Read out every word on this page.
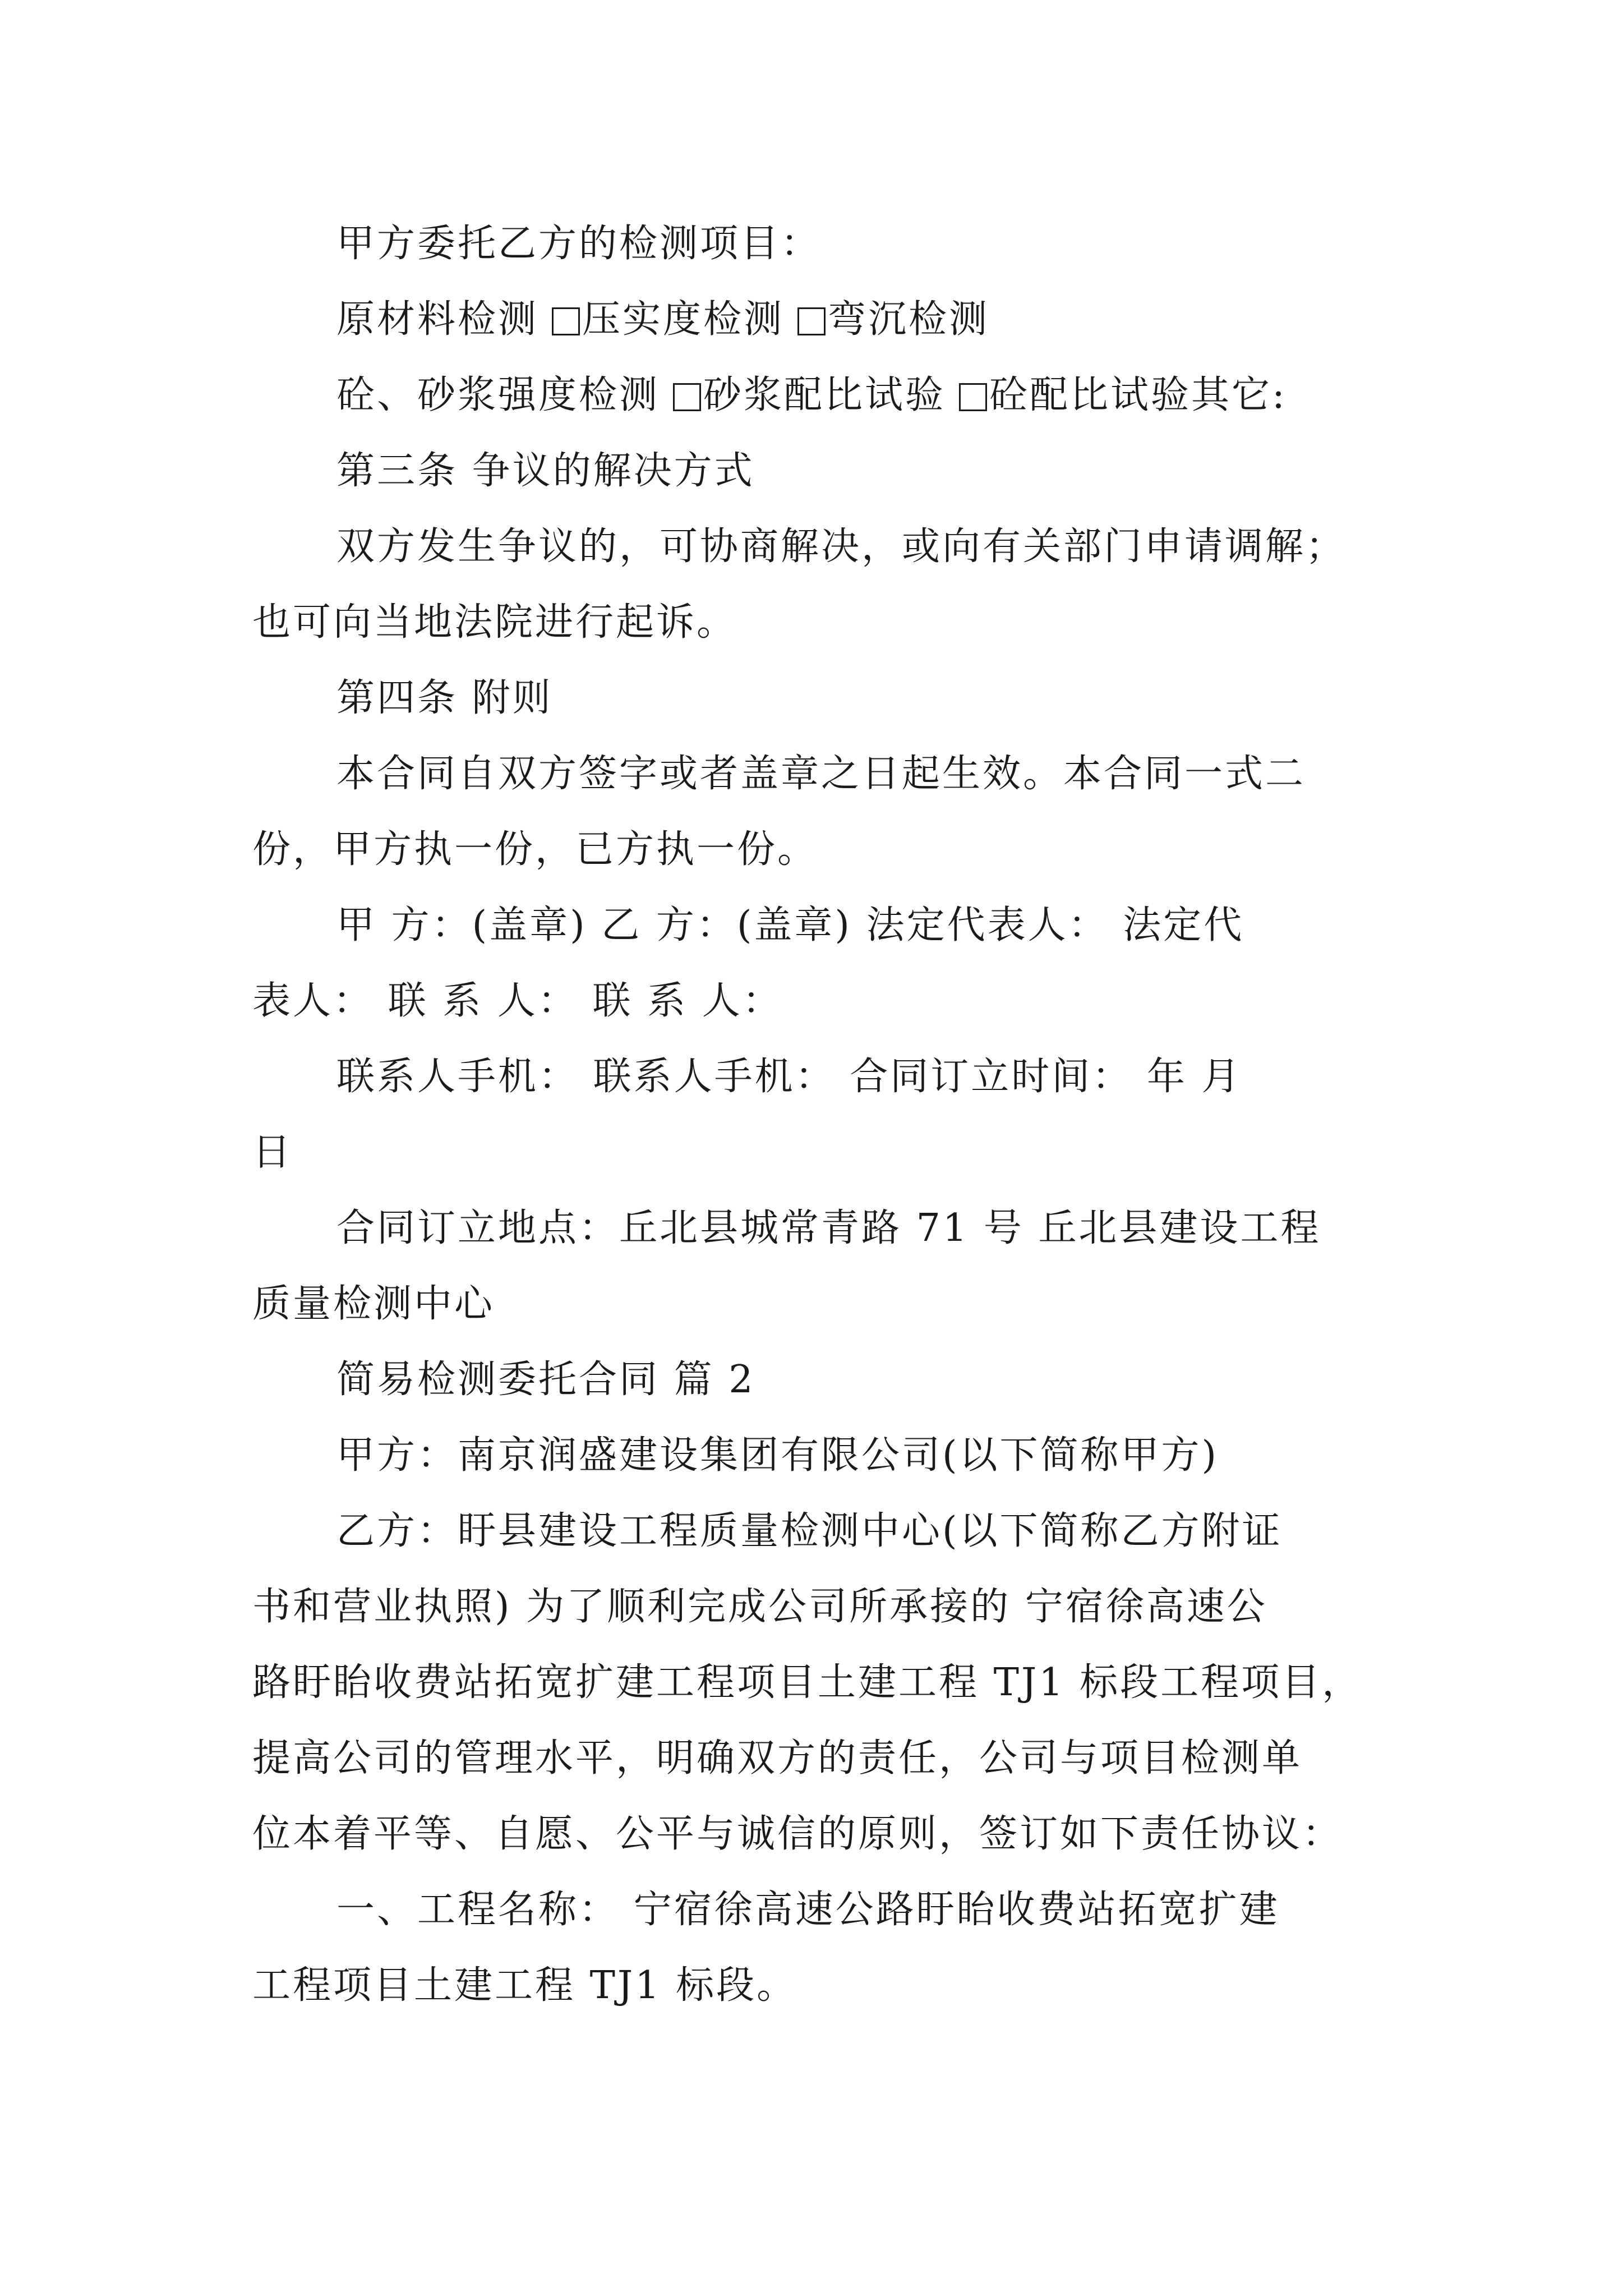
甲方委托乙方的检测项目：
原材料检测 压实度检测 弯沉检测
砼、砂浆强度检测 砂浆配比试验 砼配比试验其它:
第三条 争议的解决方式
双方发生争议的，可协商解决，或向有关部门申请调解；
也可向当地法院进行起诉。
第四条 附则
本合同自双方签字或者盖章之日起生效。本合同一式二
份，甲方执一份，已方执一份。
甲 方：(盖章) 乙 方：(盖章) 法定代表人： 法定代
表人： 联 系 人： 联 系 人：
联系人手机： 联系人手机： 合同订立时间： 年 月
日
合同订立地点：丘北县城常青路 71 号 丘北县建设工程
质量检测中心
简易检测委托合同 篇 2
甲方：南京润盛建设集团有限公司(以下简称甲方)
乙方：盱县建设工程质量检测中心(以下简称乙方附证
书和营业执照) 为了顺利完成公司所承接的 宁宿徐高速公
路盱眙收费站拓宽扩建工程项目土建工程 TJ1 标段工程项目，
提高公司的管理水平，明确双方的责任，公司与项目检测单
位本着平等、自愿、公平与诚信的原则，签订如下责任协议：
一、工程名称： 宁宿徐高速公路盱眙收费站拓宽扩建
工程项目土建工程 TJ1 标段。
